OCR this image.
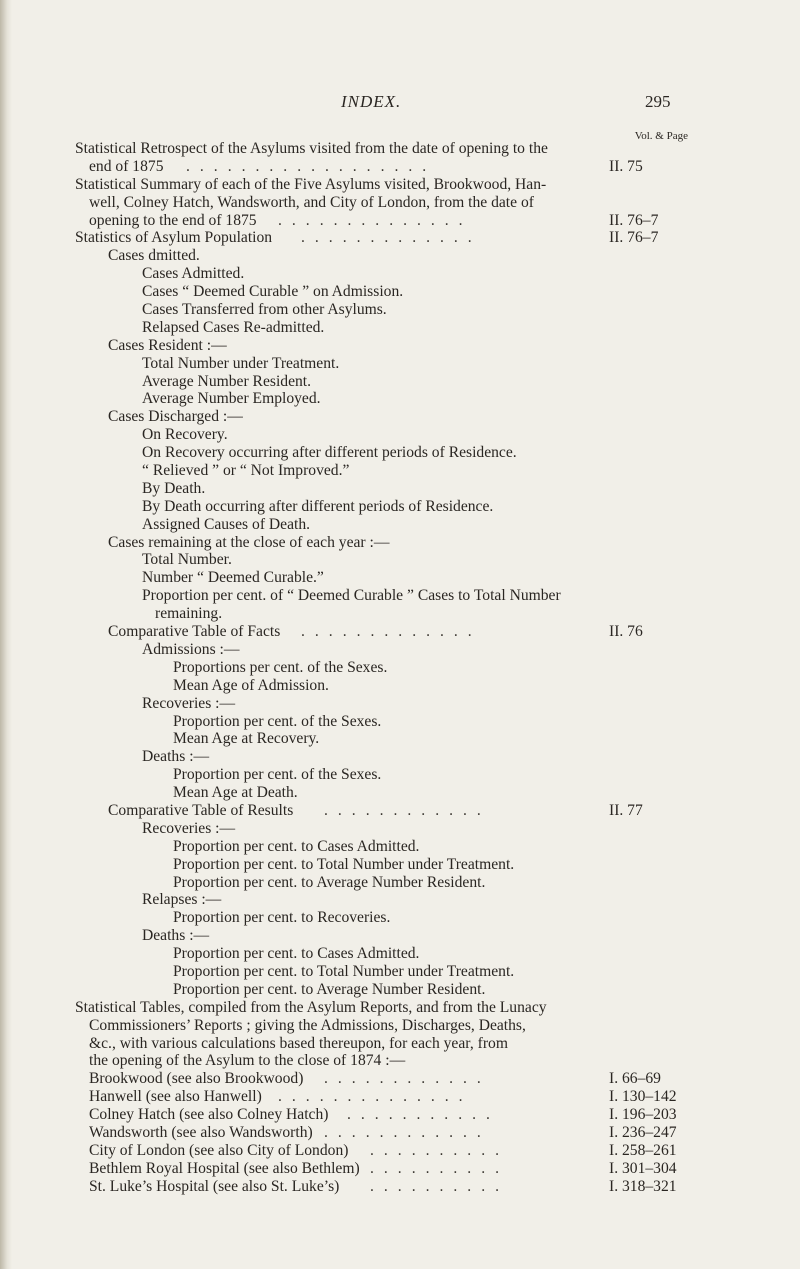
INDEX.	295
Vol. & Page
Statistical Retrospect of the Asylums visited from the date of opening to the
end of 1875 ..................	II. 75
Statistical Summary of each of the Five Asylums visited, Brookwood, Han-
well, Colney Hatch, Wandsworth, and City of London, from the date of
opening to the end of 1875 ..............	II. 76–7
Statistics of Asylum Population .............	II. 76–7
Cases dmitted.
Cases Admitted.
Cases “ Deemed Curable ” on Admission.
Cases Transferred from other Asylums.
Relapsed Cases Re-admitted.
Cases Resident :—
Total Number under Treatment.
Average Number Resident.
Average Number Employed.
Cases Discharged :—
On Recovery.
On Recovery occurring after different periods of Residence.
“ Relieved ” or “ Not Improved.”
By Death.
By Death occurring after different periods of Residence.
Assigned Causes of Death.
Cases remaining at the close of each year :—
Total Number.
Number “ Deemed Curable.”
Proportion per cent. of “ Deemed Curable ” Cases to Total Number
remaining.
Comparative Table of Facts .............	II. 76
Admissions :—
Proportions per cent. of the Sexes.
Mean Age of Admission.
Recoveries :—
Proportion per cent. of the Sexes.
Mean Age at Recovery.
Deaths :—
Proportion per cent. of the Sexes.
Mean Age at Death.
Comparative Table of Results ............	II. 77
Recoveries :—
Proportion per cent. to Cases Admitted.
Proportion per cent. to Total Number under Treatment.
Proportion per cent. to Average Number Resident.
Relapses :—
Proportion per cent. to Recoveries.
Deaths :—
Proportion per cent. to Cases Admitted.
Proportion per cent. to Total Number under Treatment.
Proportion per cent. to Average Number Resident.
Statistical Tables, compiled from the Asylum Reports, and from the Lunacy
Commissioners’ Reports ; giving the Admissions, Discharges, Deaths,
&c., with various calculations based thereupon, for each year, from
the opening of the Asylum to the close of 1874 :—
Brookwood (see also Brookwood) ............	I. 66–69
Hanwell (see also Hanwell) ..............	I. 130–142
Colney Hatch (see also Colney Hatch) ...........	I. 196–203
Wandsworth (see also Wandsworth) ............	I. 236–247
City of London (see also City of London) ..........	I. 258–261
Bethlem Royal Hospital (see also Bethlem) ..........	I. 301–304
St. Luke’s Hospital (see also St. Luke’s) ..........	I. 318–321
